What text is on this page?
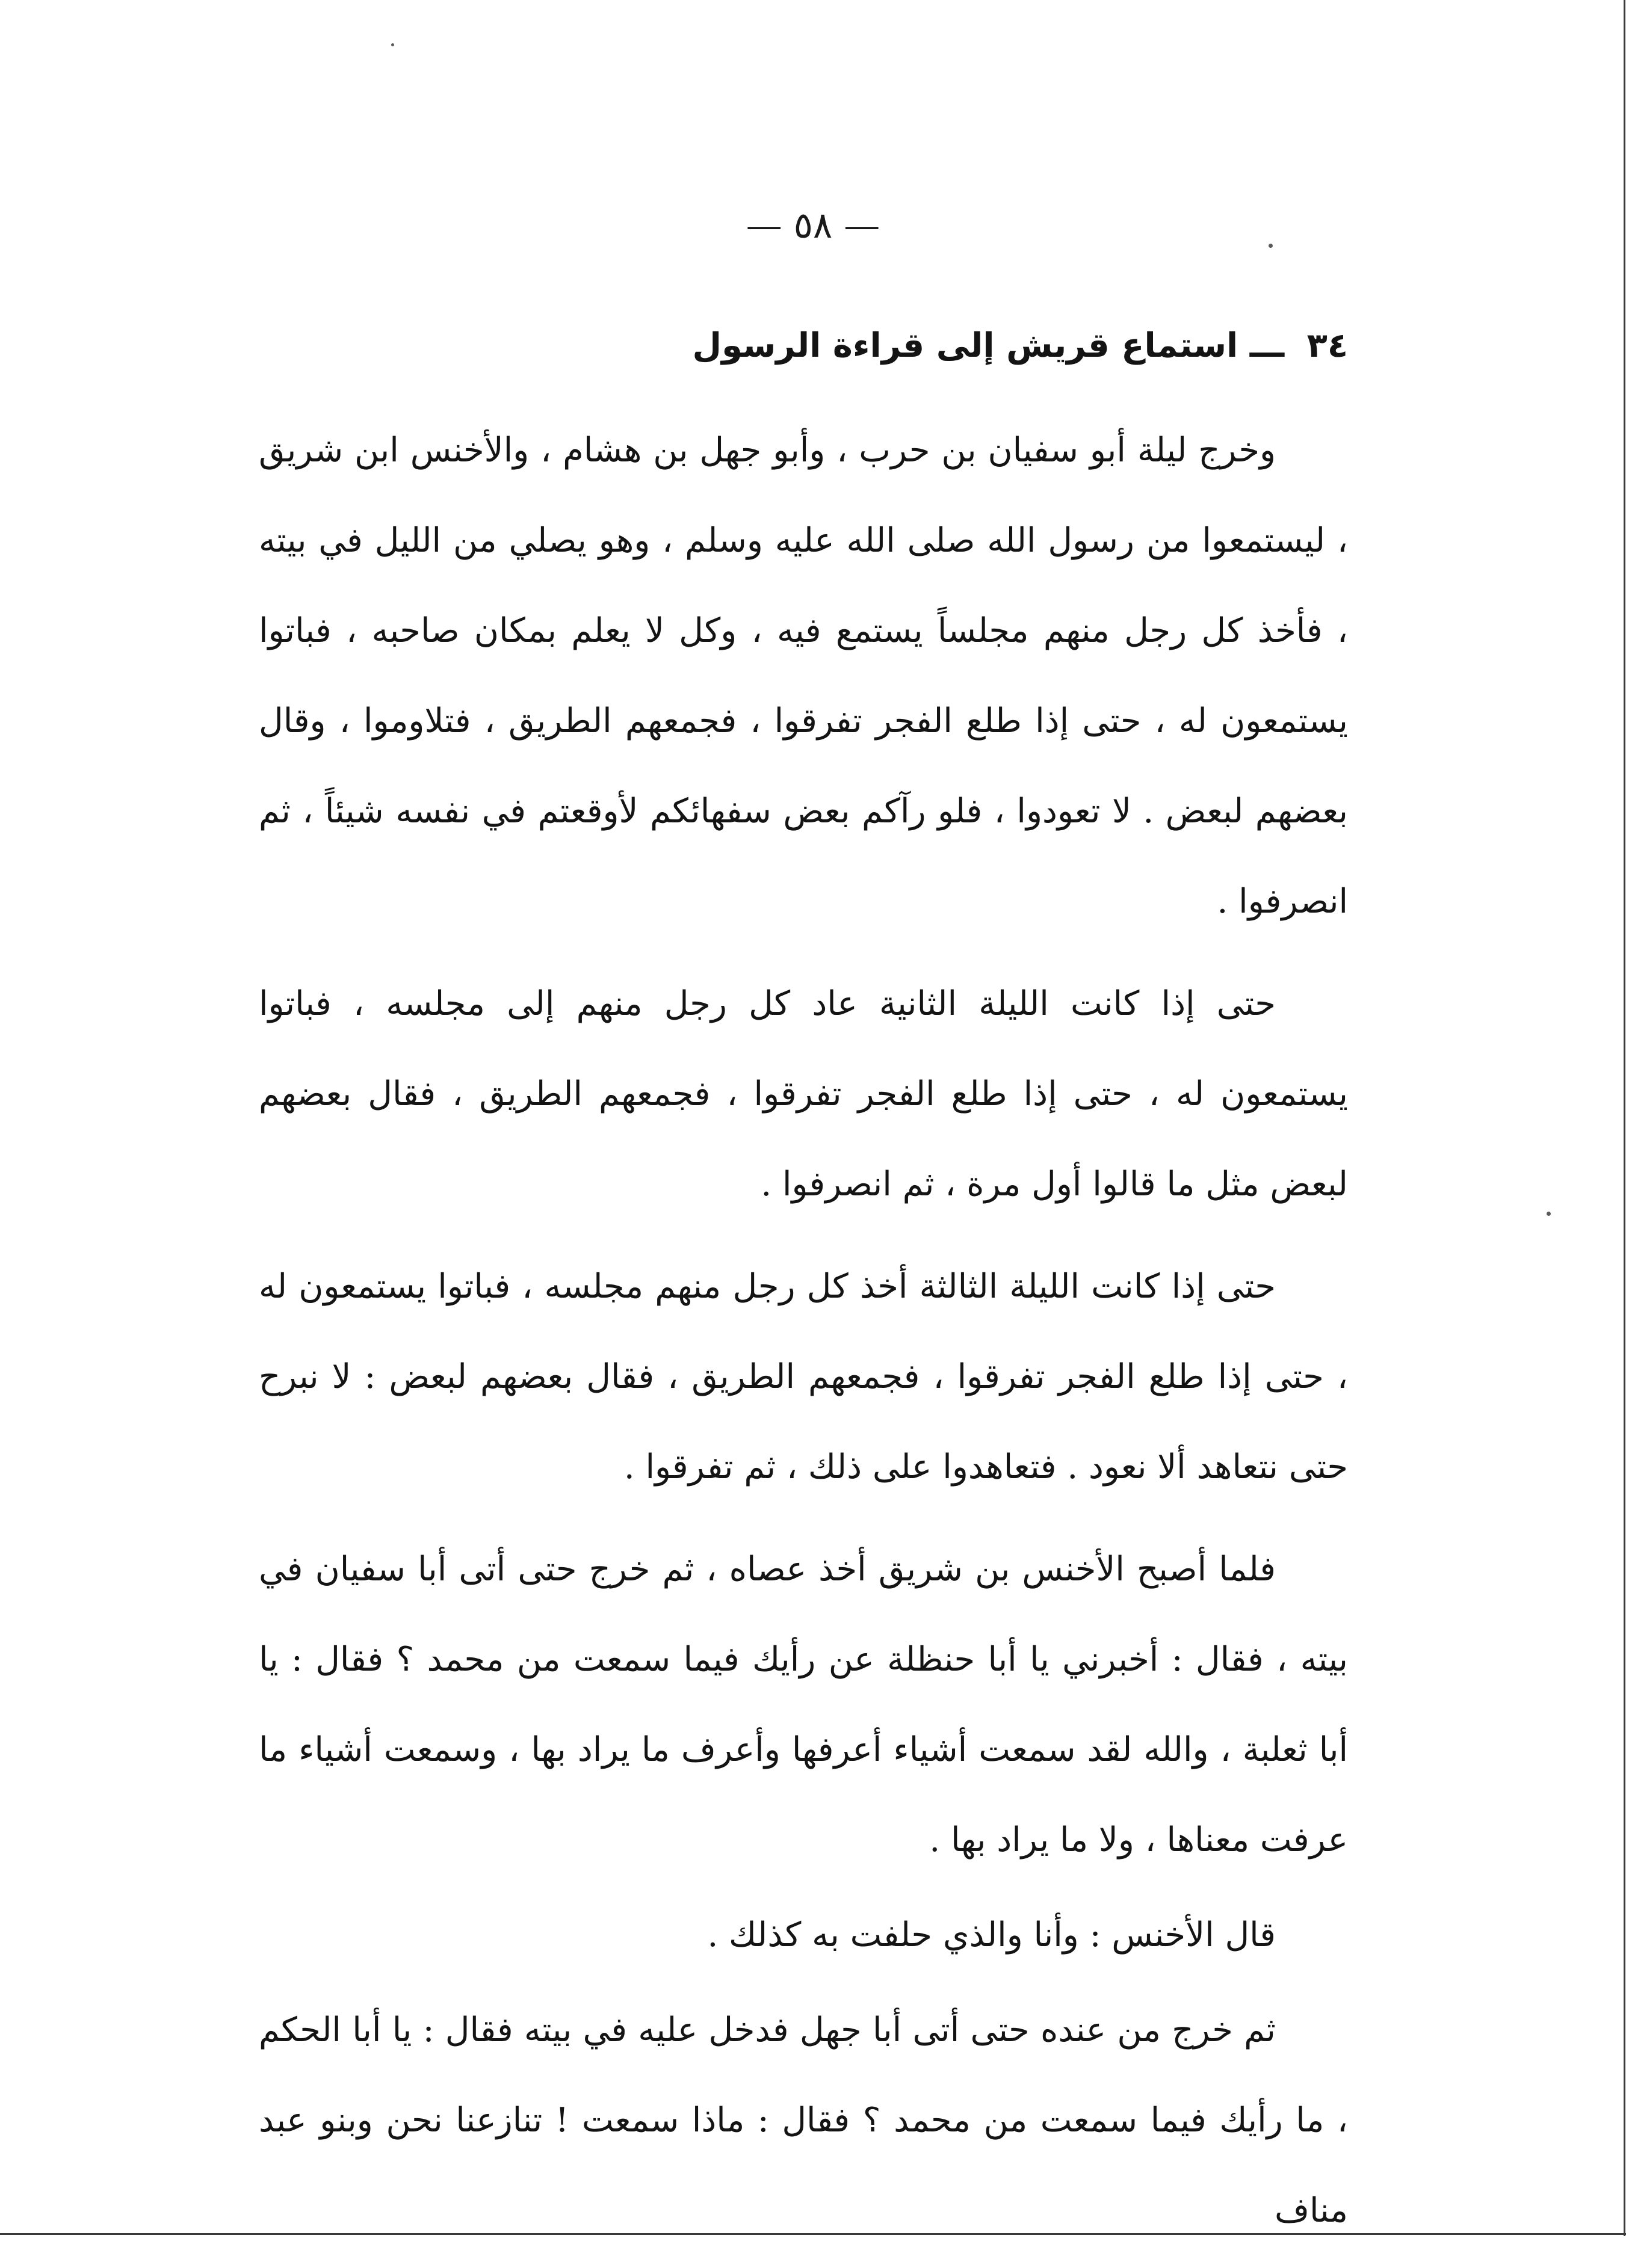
— ٥٨ —
٣٤ ـــ استماع قريش إلى قراءة الرسول

وخرج ليلة أبو سفيان بن حرب ، وأبو جهل بن هشام ، والأخنس ابن شريق ، ليستمعوا من رسول الله صلى الله عليه وسلم ، وهو يصلي من الليل في بيته ، فأخذ كل رجل منهم مجلساً يستمع فيه ، وكل لا يعلم بمكان صاحبه ، فباتوا يستمعون له ، حتى إذا طلع الفجر تفرقوا ، فجمعهم الطريق ، فتلاوموا ، وقال بعضهم لبعض . لا تعودوا ، فلو رآكم بعض سفهائكم لأوقعتم في نفسه شيئاً ، ثم انصرفوا .

حتى إذا كانت الليلة الثانية عاد كل رجل منهم إلى مجلسه ، فباتوا يستمعون له ، حتى إذا طلع الفجر تفرقوا ، فجمعهم الطريق ، فقال بعضهم لبعض مثل ما قالوا أول مرة ، ثم انصرفوا .

حتى إذا كانت الليلة الثالثة أخذ كل رجل منهم مجلسه ، فباتوا يستمعون له ، حتى إذا طلع الفجر تفرقوا ، فجمعهم الطريق ، فقال بعضهم لبعض : لا نبرح حتى نتعاهد ألا نعود . فتعاهدوا على ذلك ، ثم تفرقوا .

فلما أصبح الأخنس بن شريق أخذ عصاه ، ثم خرج حتى أتى أبا سفيان في بيته ، فقال : أخبرني يا أبا حنظلة عن رأيك فيما سمعت من محمد ؟ فقال : يا أبا ثعلبة ، والله لقد سمعت أشياء أعرفها وأعرف ما يراد بها ، وسمعت أشياء ما عرفت معناها ، ولا ما يراد بها .

قال الأخنس : وأنا والذي حلفت به كذلك .

ثم خرج من عنده حتى أتى أبا جهل فدخل عليه في بيته فقال : يا أبا الحكم ، ما رأيك فيما سمعت من محمد ؟ فقال : ماذا سمعت ! تنازعنا نحن وبنو عبد مناف
